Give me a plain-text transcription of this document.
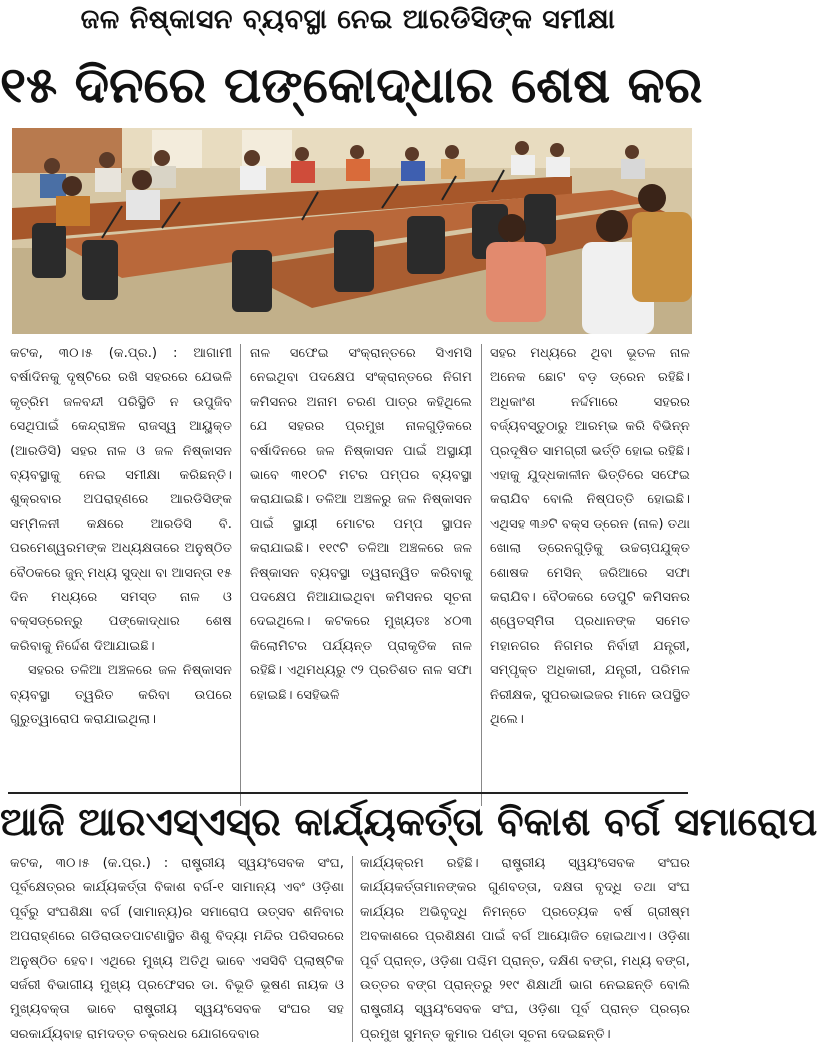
ଜଳ ନିଷ୍କାସନ ବ୍ୟବସ୍ଥା ନେଇ ଆରଡିସିଙ୍କ ସମୀକ୍ଷା
୧୫ ଦିନରେ ପଙ୍କୋଦ୍ଧାର ଶେଷ କର

କଟକ, ୩୦।୫ (କ.ପ୍ର.) : ଆଗାମୀ ବର୍ଷାଦିନକୁ ଦୃଷ୍ଟିରେ ରଖି ସହରରେ ଯେଭଳି କୃତ୍ରିମ ଜଳବନ୍ଦୀ ପରିସ୍ଥିତି ନ ଉପୁଜିବ ସେଥିପାଇଁ କେନ୍ଦ୍ରାଞ୍ଚଳ ରାଜସ୍ୱ ଆୟୁକ୍ତ (ଆରଡିସି) ସହର ନାଳ ଓ ଜଳ ନିଷ୍କାସନ ବ୍ୟବସ୍ଥାକୁ ନେଇ ସମୀକ୍ଷା କରିଛନ୍ତି। ଶୁକ୍ରବାର ଅପରାହ୍ଣରେ ଆରଡିସିଙ୍କ ସମ୍ମିଳନୀ କକ୍ଷରେ ଆରଡିସି ବି. ପରମେଶ୍ୱରମଙ୍କ ଅଧ୍ୟକ୍ଷତାରେ ଅନୁଷ୍ଠିତ ବୈଠକରେ ଜୁନ୍ ମଧ୍ୟ ସୁଦ୍ଧା ବା ଆସନ୍ତା ୧୫ ଦିନ ମଧ୍ୟରେ ସମସ୍ତ ନାଳ ଓ ବକ୍ସଡ୍ରେନ୍‌ରୁ ପଙ୍କୋଦ୍ଧାର ଶେଷ କରିବାକୁ ନିର୍ଦ୍ଦେଶ ଦିଆଯାଇଛି।

ସହରର ତଳିଆ ଅଞ୍ଚଳରେ ଜଳ ନିଷ୍କାସନ ବ୍ୟବସ୍ଥା ତ୍ୱରିତ କରିବା ଉପରେ ଗୁରୁତ୍ୱାରୋପ କରାଯାଇଥିଲା।

ନାଳ ସଫେଇ ସଂକ୍ରାନ୍ତରେ ସିଏମସି ନେଇଥିବା ପଦକ୍ଷେପ ସଂକ୍ରାନ୍ତରେ ନିଗମ କମିସନର ଅନାମ ଚରଣ ପାତ୍ର କହିଥିଲେ ଯେ ସହରର ପ୍ରମୁଖ ନାଳଗୁଡ଼ିକରେ ବର୍ଷାଦିନରେ ଜଳ ନିଷ୍କାସନ ପାଇଁ ଅସ୍ଥାୟୀ ଭାବେ ୩୧୦ଟି ମଟର ପମ୍ପର ବ୍ୟବସ୍ଥା କରାଯାଇଛି। ତଳିଆ ଅଞ୍ଚଳରୁ ଜଳ ନିଷ୍କାସନ ପାଇଁ ସ୍ଥାୟୀ ମୋଟର ପମ୍ପ ସ୍ଥାପନ କରାଯାଇଛି। ୧୧୯ଟି ତଳିଆ ଅଞ୍ଚଳରେ ଜଳ ନିଷ୍କାସନ ବ୍ୟବସ୍ଥା ତ୍ୱରାନ୍ୱିତ କରିବାକୁ ପଦକ୍ଷେପ ନିଆଯାଇଥିବା କମିସନର ସୂଚନା ଦେଇଥିଲେ। କଟକରେ ମୁଖ୍ୟତଃ ୪୦୩ କିଲୋମିଟର ପର୍ଯ୍ୟନ୍ତ ପ୍ରାକୃତିକ ନାଳ ରହିଛି। ଏଥିମଧ୍ୟରୁ ୯୨ ପ୍ରତିଶତ ନାଳ ସଫା ହୋଇଛି। ସେହିଭଳି

ସହର ମଧ୍ୟରେ ଥିବା ଭୂତଳ ନାଳ ଅନେକ ଛୋଟ ବଡ଼ ଡ୍ରେନ ରହିଛି। ଅଧିକାଂଶ ନର୍ଦ୍ଦମାରେ ସହରର ବର୍ଜ୍ୟବସ୍ତୁଠାରୁ ଆରମ୍ଭ କରି ବିଭିନ୍ନ ପ୍ରଦୂଷିତ ସାମଗ୍ରୀ ଭର୍ତ୍ତି ହୋଇ ରହିଛି। ଏହାକୁ ଯୁଦ୍ଧକାଳୀନ ଭିତ୍ତିରେ ସଫେଇ କରାଯିବ ବୋଲି ନିଷ୍ପତ୍ତି ହୋଇଛି। ଏଥିସହ ୩୬ଟି ବକ୍ସ ଡ୍ରେନ (ନାଳ) ତଥା ଖୋଲା ଡ୍ରେନଗୁଡ଼ିକୁ ଉଚ୍ଚଚାପଯୁକ୍ତ ଶୋଷକ ମେସିନ୍ ଜରିଆରେ ସଫା କରାଯିବ। ବୈଠକରେ ଡେପୁଟି କମିସନର ଶ୍ୱେତସ୍ମିତା ପ୍ରଧାନଙ୍କ ସମେତ ମହାନଗର ନିଗମର ନିର୍ବାହୀ ଯନ୍ତ୍ରୀ, ସମ୍ପୃକ୍ତ ଅଧିକାରୀ, ଯନ୍ତ୍ରୀ, ପରିମଳ ନିରୀକ୍ଷକ, ସୁପରଭାଇଜର ମାନେ ଉପସ୍ଥିତ ଥିଲେ।

ଆଜି ଆରଏସ୍‌ଏସ୍‌ର କାର୍ଯ୍ୟକର୍ତ୍ତା ବିକାଶ ବର୍ଗ ସମାରୋପ

କଟକ, ୩୦।୫ (କ.ପ୍ର.) : ରାଷ୍ଟ୍ରୀୟ ସ୍ୱୟଂସେବକ ସଂଘ, ପୂର୍ବକ୍ଷେତ୍ରର କାର୍ଯ୍ୟକର୍ତ୍ତା ବିକାଶ ବର୍ଗ-୧ ସାମାନ୍ୟ ଏବଂ ଓଡ଼ିଶା ପୂର୍ବରୁ ସଂଘଶିକ୍ଷା ବର୍ଗ (ସାମାନ୍ୟ)ର ସମାରୋପ ଉତ୍ସବ ଶନିବାର ଅପରାହ୍ଣରେ ଗଡିରାଉତପାଟଣାସ୍ଥିତ ଶିଶୁ ବିଦ୍ୟା ମନ୍ଦିର ପରିସରରେ ଅନୁଷ୍ଠିତ ହେବ। ଏଥିରେ ମୁଖ୍ୟ ଅତିଥି ଭାବେ ଏସସିବି ପ୍ଲାଷ୍ଟିକ ସର୍ଜରୀ ବିଭାଗୀୟ ମୁଖ୍ୟ ପ୍ରଫେସର ଡା. ବିଭୂତି ଭୂଷଣ ନାୟକ ଓ ମୁଖ୍ୟବକ୍ତା ଭାବେ ରାଷ୍ଟ୍ରୀୟ ସ୍ୱୟଂସେବକ ସଂଘର ସହ ସରକାର୍ଯ୍ୟବାହ ରାମଦତ୍ତ ଚକ୍ରଧର ଯୋଗଦେବାର

କାର୍ଯ୍ୟକ୍ରମ ରହିଛି। ରାଷ୍ଟ୍ରୀୟ ସ୍ୱୟଂସେବକ ସଂଘର କାର୍ଯ୍ୟକର୍ତ୍ତାମାନଙ୍କର ଗୁଣବତ୍ତା, ଦକ୍ଷତା ବୃଦ୍ଧି ତଥା ସଂଘ କାର୍ଯ୍ୟର ଅଭିବୃଦ୍ଧି ନିମନ୍ତେ ପ୍ରତ୍ୟେକ ବର୍ଷ ଗ୍ରୀଷ୍ମ ଅବକାଶରେ ପ୍ରଶିକ୍ଷଣ ପାଇଁ ବର୍ଗ ଆୟୋଜିତ ହୋଇଥାଏ। ଓଡ଼ିଶା ପୂର୍ବ ପ୍ରାନ୍ତ, ଓଡ଼ିଶା ପଶ୍ଚିମ ପ୍ରାନ୍ତ, ଦକ୍ଷିଣ ବଙ୍ଗ, ମଧ୍ୟ ବଙ୍ଗ, ଉତ୍ତର ବଙ୍ଗ ପ୍ରାନ୍ତରୁ ୨୧୯ ଶିକ୍ଷାର୍ଥୀ ଭାଗ ନେଇଛନ୍ତି ବୋଲି ରାଷ୍ଟ୍ରୀୟ ସ୍ୱୟଂସେବକ ସଂଘ, ଓଡ଼ିଶା ପୂର୍ବ ପ୍ରାନ୍ତ ପ୍ରଚାର ପ୍ରମୁଖ ସୁମନ୍ତ କୁମାର ପଣ୍ଡା ସୂଚନା ଦେଇଛନ୍ତି।
